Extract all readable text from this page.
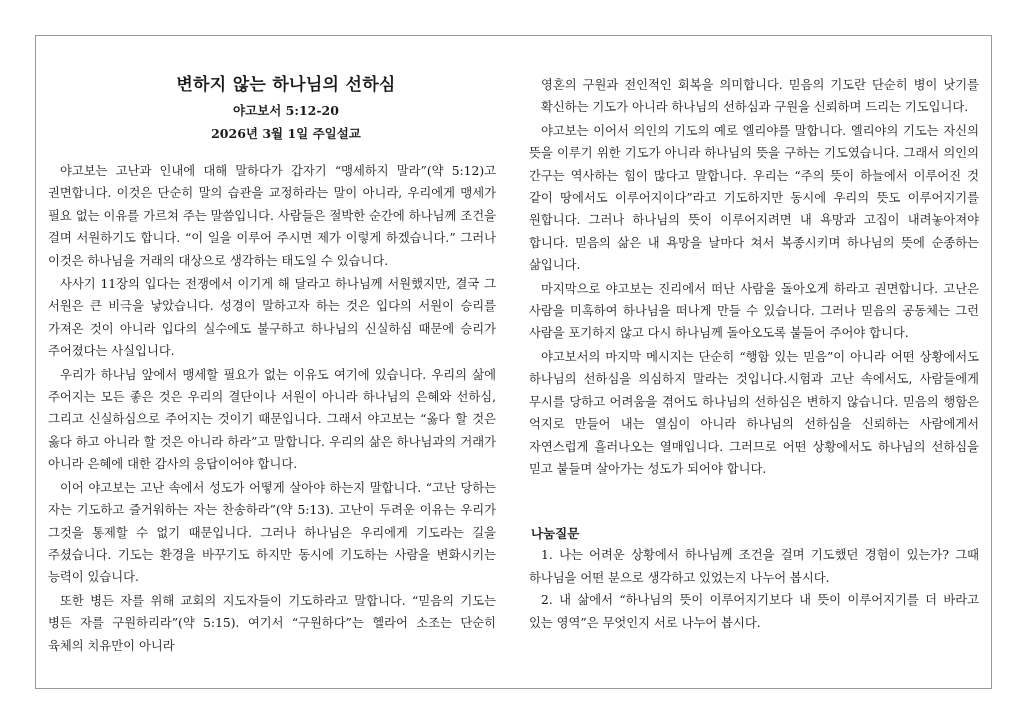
변하지 않는 하나님의 선하심
야고보서 5:12-20
2026년 3월 1일 주일설교

야고보는 고난과 인내에 대해 말하다가 갑자기 “맹세하지 말라”(약 5:12)고 권면합니다. 이것은 단순히 말의 습관을 교정하라는 말이 아니라, 우리에게 맹세가 필요 없는 이유를 가르쳐 주는 말씀입니다. 사람들은 절박한 순간에 하나님께 조건을 걸며 서원하기도 합니다. “이 일을 이루어 주시면 제가 이렇게 하겠습니다.” 그러나 이것은 하나님을 거래의 대상으로 생각하는 태도일 수 있습니다.

사사기 11장의 입다는 전쟁에서 이기게 해 달라고 하나님께 서원했지만, 결국 그 서원은 큰 비극을 낳았습니다. 성경이 말하고자 하는 것은 입다의 서원이 승리를 가져온 것이 아니라 입다의 실수에도 불구하고 하나님의 신실하심 때문에 승리가 주어졌다는 사실입니다.

우리가 하나님 앞에서 맹세할 필요가 없는 이유도 여기에 있습니다. 우리의 삶에 주어지는 모든 좋은 것은 우리의 결단이나 서원이 아니라 하나님의 은혜와 선하심, 그리고 신실하심으로 주어지는 것이기 때문입니다. 그래서 야고보는 “옳다 할 것은 옳다 하고 아니라 할 것은 아니라 하라”고 말합니다. 우리의 삶은 하나님과의 거래가 아니라 은혜에 대한 감사의 응답이어야 합니다.

이어 야고보는 고난 속에서 성도가 어떻게 살아야 하는지 말합니다. “고난 당하는 자는 기도하고 즐거워하는 자는 찬송하라”(약 5:13). 고난이 두려운 이유는 우리가 그것을 통제할 수 없기 때문입니다. 그러나 하나님은 우리에게 기도라는 길을 주셨습니다. 기도는 환경을 바꾸기도 하지만 동시에 기도하는 사람을 변화시키는 능력이 있습니다.

또한 병든 자를 위해 교회의 지도자들이 기도하라고 말합니다. “믿음의 기도는 병든 자를 구원하리라”(약 5:15). 여기서 “구원하다”는 헬라어 소조는 단순히 육체의 치유만이 아니라

영혼의 구원과 전인적인 회복을 의미합니다. 믿음의 기도란 단순히 병이 낫기를 확신하는 기도가 아니라 하나님의 선하심과 구원을 신뢰하며 드리는 기도입니다.

야고보는 이어서 의인의 기도의 예로 엘리야를 말합니다. 엘리야의 기도는 자신의 뜻을 이루기 위한 기도가 아니라 하나님의 뜻을 구하는 기도였습니다. 그래서 의인의 간구는 역사하는 힘이 많다고 말합니다. 우리는 “주의 뜻이 하늘에서 이루어진 것 같이 땅에서도 이루어지이다”라고 기도하지만 동시에 우리의 뜻도 이루어지기를 원합니다. 그러나 하나님의 뜻이 이루어지려면 내 욕망과 고집이 내려놓아져야 합니다. 믿음의 삶은 내 욕망을 날마다 쳐서 복종시키며 하나님의 뜻에 순종하는 삶입니다.

마지막으로 야고보는 진리에서 떠난 사람을 돌아오게 하라고 권면합니다. 고난은 사람을 미혹하여 하나님을 떠나게 만들 수 있습니다. 그러나 믿음의 공동체는 그런 사람을 포기하지 않고 다시 하나님께 돌아오도록 붙들어 주어야 합니다.

야고보서의 마지막 메시지는 단순히 “행함 있는 믿음”이 아니라 어떤 상황에서도 하나님의 선하심을 의심하지 말라는 것입니다.시험과 고난 속에서도, 사람들에게 무시를 당하고 어려움을 겪어도 하나님의 선하심은 변하지 않습니다. 믿음의 행함은 억지로 만들어 내는 열심이 아니라 하나님의 선하심을 신뢰하는 사람에게서 자연스럽게 흘러나오는 열매입니다. 그러므로 어떤 상황에서도 하나님의 선하심을 믿고 붙들며 살아가는 성도가 되어야 합니다.

나눔질문

1. 나는 어려운 상황에서 하나님께 조건을 걸며 기도했던 경험이 있는가? 그때 하나님을 어떤 분으로 생각하고 있었는지 나누어 봅시다.

2. 내 삶에서 “하나님의 뜻이 이루어지기보다 내 뜻이 이루어지기를 더 바라고 있는 영역”은 무엇인지 서로 나누어 봅시다.
